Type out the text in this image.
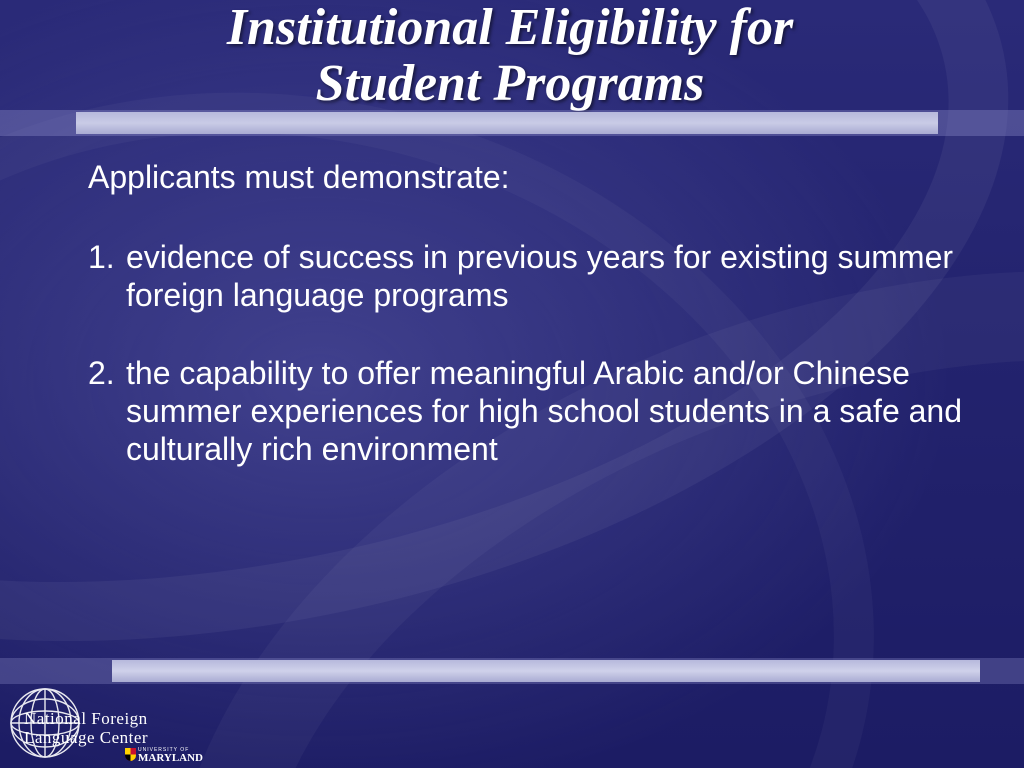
Institutional Eligibility for
Student Programs
Applicants must demonstrate:
1. evidence of success in previous years for existing summer foreign language programs
2. the capability to offer meaningful Arabic and/or Chinese summer experiences for high school students in a safe and culturally rich environment
National Foreign
Language Center
UNIVERSITY OF
MARYLAND
